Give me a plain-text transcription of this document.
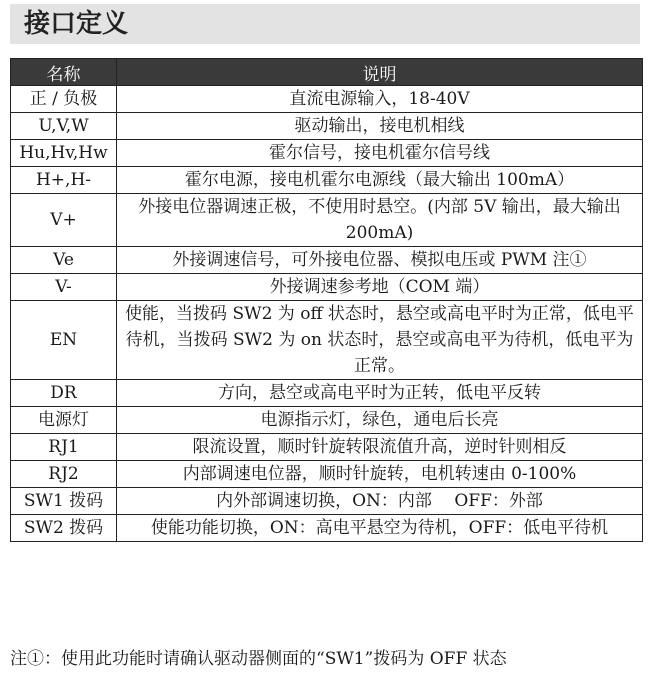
接口定义
名称	说明
正 / 负极	直流电源输入，18-40V
U,V,W	驱动输出，接电机相线
Hu,Hv,Hw	霍尔信号，接电机霍尔信号线
H+,H-	霍尔电源，接电机霍尔电源线（最大输出 100mA）
V+	外接电位器调速正极，不使用时悬空。(内部 5V 输出，最大输出 200mA)
Ve	外接调速信号，可外接电位器、模拟电压或 PWM 注①
V-	外接调速参考地（COM 端）
EN	使能，当拨码 SW2 为 off 状态时，悬空或高电平时为正常，低电平待机，当拨码 SW2 为 on 状态时，悬空或高电平为待机，低电平为正常。
DR	方向，悬空或高电平时为正转，低电平反转
电源灯	电源指示灯，绿色，通电后长亮
RJ1	限流设置，顺时针旋转限流值升高，逆时针则相反
RJ2	内部调速电位器，顺时针旋转，电机转速由 0-100%
SW1 拨码	内外部调速切换，ON：内部　 OFF：外部
SW2 拨码	使能功能切换，ON：高电平悬空为待机，OFF：低电平待机
注①：使用此功能时请确认驱动器侧面的“SW1”拨码为 OFF 状态
